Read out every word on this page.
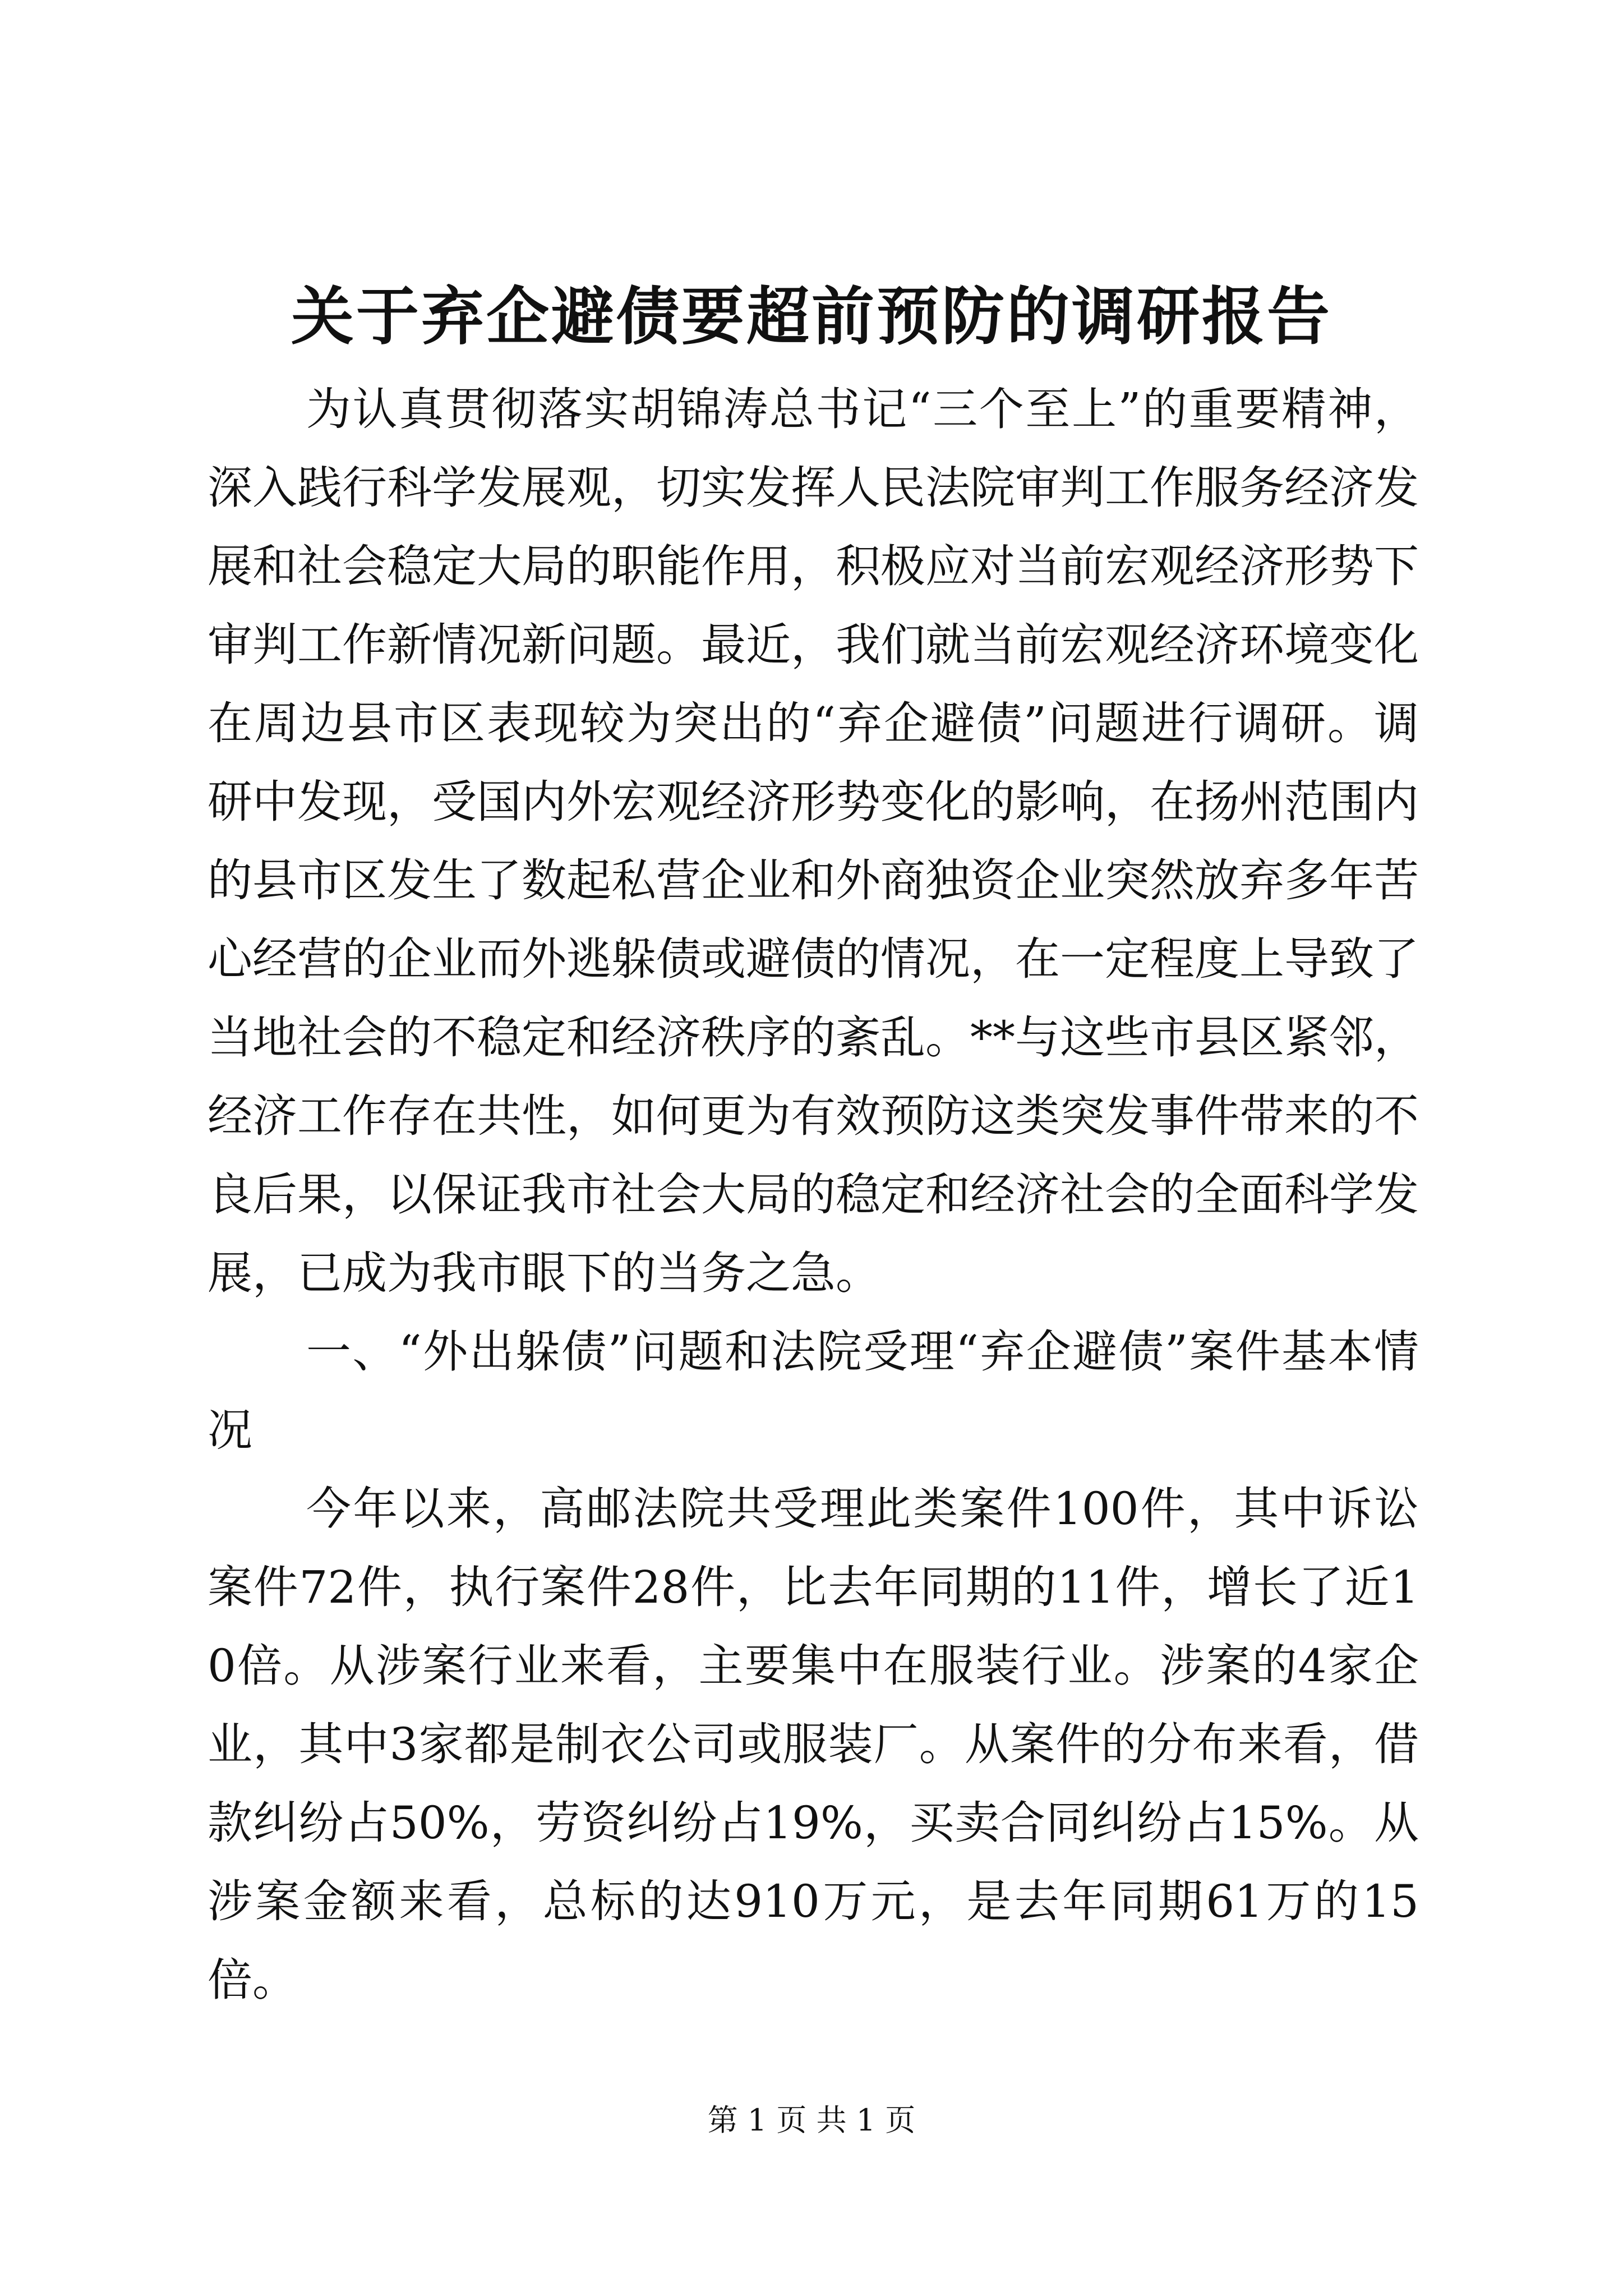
关于弃企避债要超前预防的调研报告

为认真贯彻落实胡锦涛总书记“三个至上”的重要精神，深入践行科学发展观，切实发挥人民法院审判工作服务经济发展和社会稳定大局的职能作用，积极应对当前宏观经济形势下审判工作新情况新问题。最近，我们就当前宏观经济环境变化在周边县市区表现较为突出的“弃企避债”问题进行调研。调研中发现，受国内外宏观经济形势变化的影响，在扬州范围内的县市区发生了数起私营企业和外商独资企业突然放弃多年苦心经营的企业而外逃躲债或避债的情况，在一定程度上导致了当地社会的不稳定和经济秩序的紊乱。**与这些市县区紧邻，经济工作存在共性，如何更为有效预防这类突发事件带来的不良后果，以保证我市社会大局的稳定和经济社会的全面科学发展，已成为我市眼下的当务之急。

一、“外出躲债”问题和法院受理“弃企避债”案件基本情况

今年以来，高邮法院共受理此类案件100件，其中诉讼案件72件，执行案件28件，比去年同期的11件，增长了近10倍。从涉案行业来看，主要集中在服装行业。涉案的4家企业，其中3家都是制衣公司或服装厂。从案件的分布来看，借款纠纷占50%，劳资纠纷占19%，买卖合同纠纷占15%。从涉案金额来看，总标的达910万元，是去年同期61万的15倍。

第 1 页 共 1 页
